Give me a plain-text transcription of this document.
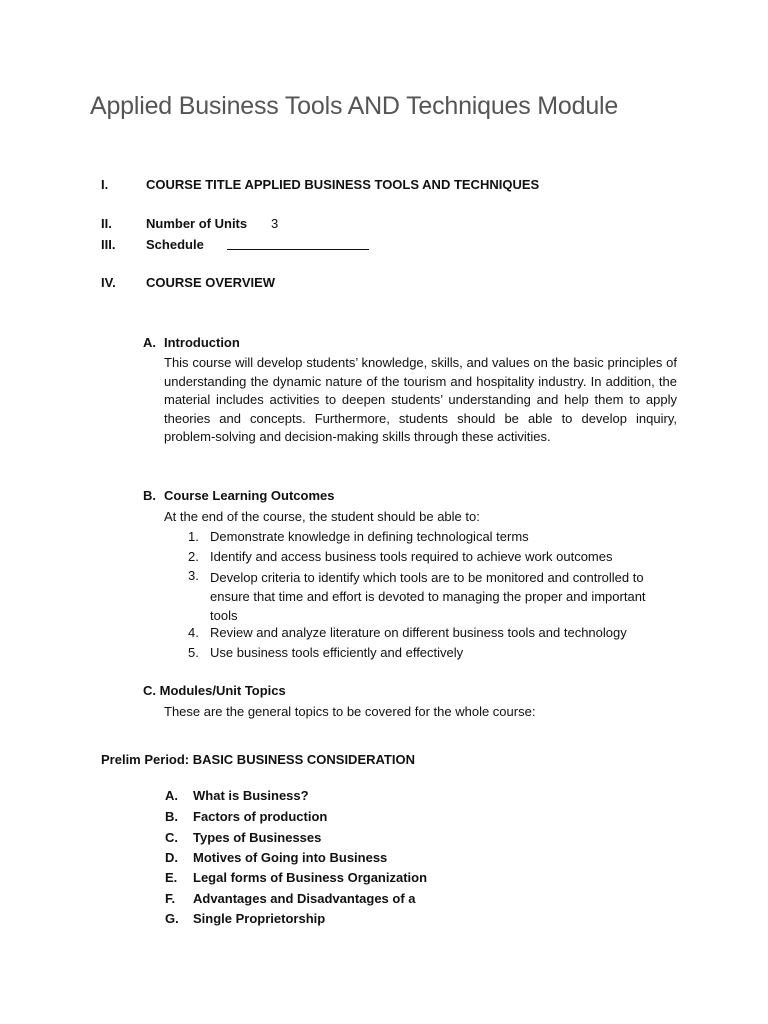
Applied Business Tools AND Techniques Module
I.	COURSE TITLE APPLIED BUSINESS TOOLS AND TECHNIQUES
II.	Number of Units 3
III. Schedule
IV. COURSE OVERVIEW
A. Introduction
This course will develop students’ knowledge, skills, and values on the basic principles of understanding the dynamic nature of the tourism and hospitality industry. In addition, the material includes activities to deepen students’ understanding and help them to apply theories and concepts. Furthermore, students should be able to develop inquiry, problem-solving and decision-making skills through these activities.
B. Course Learning Outcomes
At the end of the course, the student should be able to:
1. Demonstrate knowledge in defining technological terms
2. Identify and access business tools required to achieve work outcomes
3. Develop criteria to identify which tools are to be monitored and controlled to ensure that time and effort is devoted to managing the proper and important tools
4. Review and analyze literature on different business tools and technology
5. Use business tools efficiently and effectively
C. Modules/Unit Topics
These are the general topics to be covered for the whole course:
Prelim Period: BASIC BUSINESS CONSIDERATION
A. What is Business?
B. Factors of production
C. Types of Businesses
D. Motives of Going into Business
E. Legal forms of Business Organization
F. Advantages and Disadvantages of a
G. Single Proprietorship
